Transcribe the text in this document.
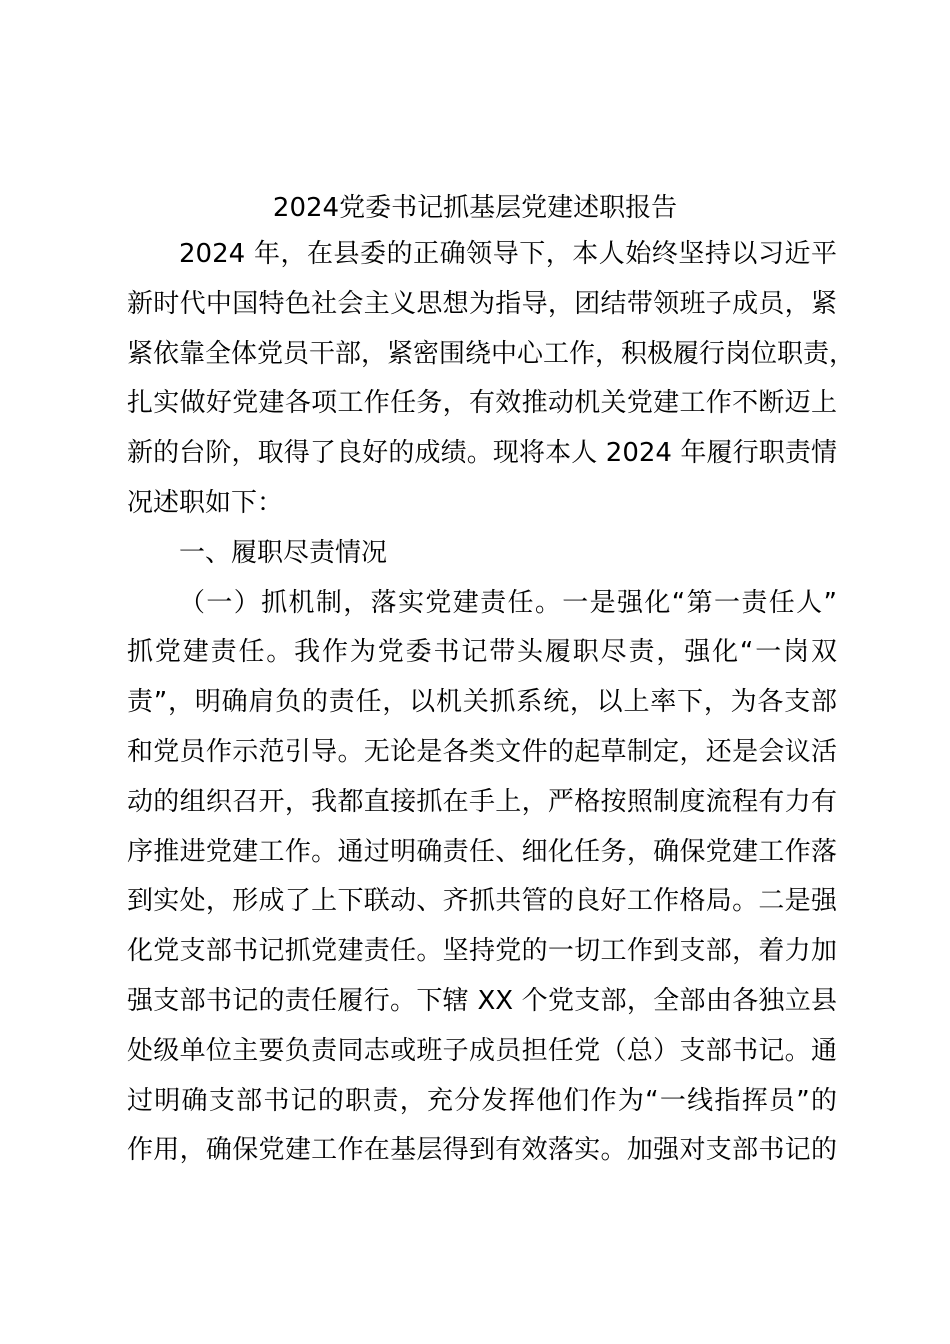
2024党委书记抓基层党建述职报告
2024 年，在县委的正确领导下，本人始终坚持以习近平
新时代中国特色社会主义思想为指导，团结带领班子成员，紧
紧依靠全体党员干部，紧密围绕中心工作，积极履行岗位职责，
扎实做好党建各项工作任务，有效推动机关党建工作不断迈上
新的台阶，取得了良好的成绩。现将本人 2024 年履行职责情
况述职如下：
一、履职尽责情况
（一）抓机制，落实党建责任。一是强化“第一责任人”
抓党建责任。我作为党委书记带头履职尽责，强化“一岗双
责”，明确肩负的责任，以机关抓系统，以上率下，为各支部
和党员作示范引导。无论是各类文件的起草制定，还是会议活
动的组织召开，我都直接抓在手上，严格按照制度流程有力有
序推进党建工作。通过明确责任、细化任务，确保党建工作落
到实处，形成了上下联动、齐抓共管的良好工作格局。二是强
化党支部书记抓党建责任。坚持党的一切工作到支部，着力加
强支部书记的责任履行。下辖 XX 个党支部，全部由各独立县
处级单位主要负责同志或班子成员担任党（总）支部书记。通
过明确支部书记的职责，充分发挥他们作为“一线指挥员”的
作用，确保党建工作在基层得到有效落实。加强对支部书记的
